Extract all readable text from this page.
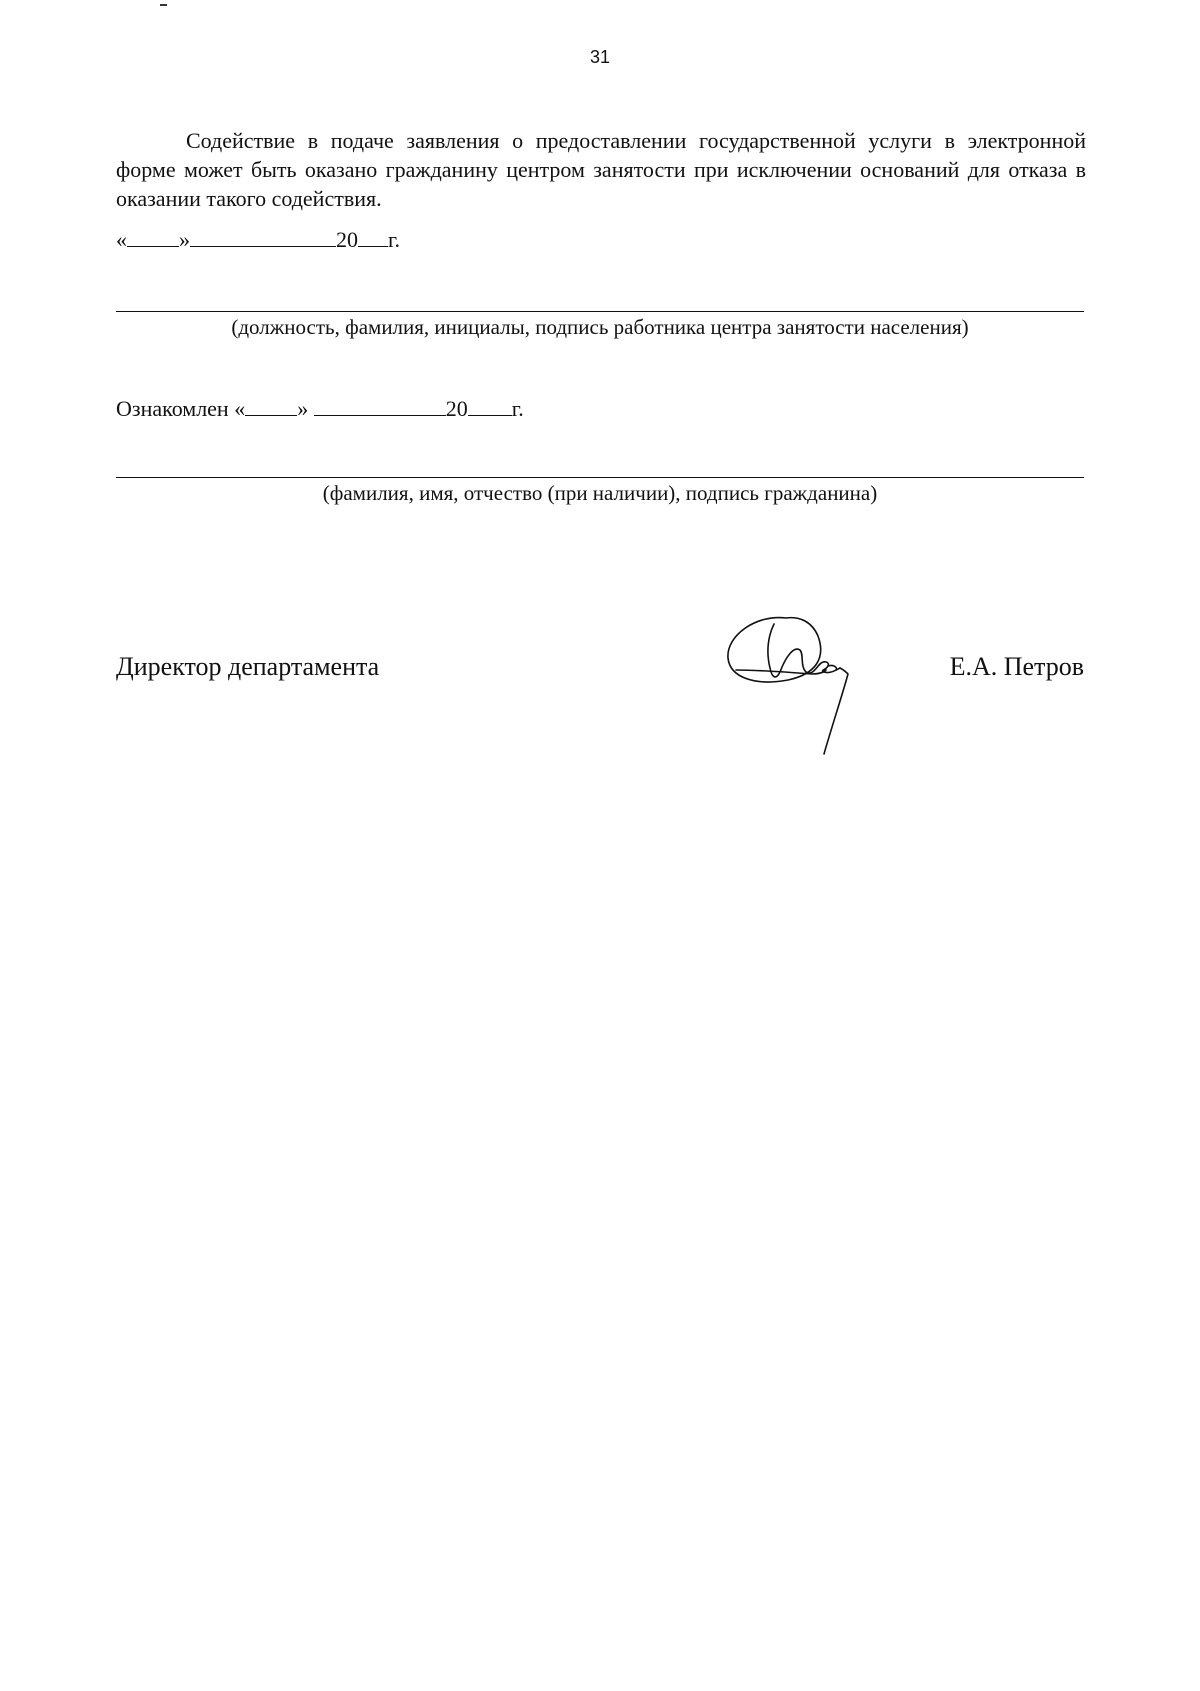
31

Содействие в подаче заявления о предоставлении государственной услуги в электронной форме может быть оказано гражданину центром занятости при исключении оснований для отказа в оказании такого содействия.

« »	20 г.
(должность, фамилия, инициалы, подпись работника центра занятости населения)
Ознакомлен « »	20 г.
(фамилия, имя, отчество (при наличии), подпись гражданина)
Директор департамента	Е.А. Петров
